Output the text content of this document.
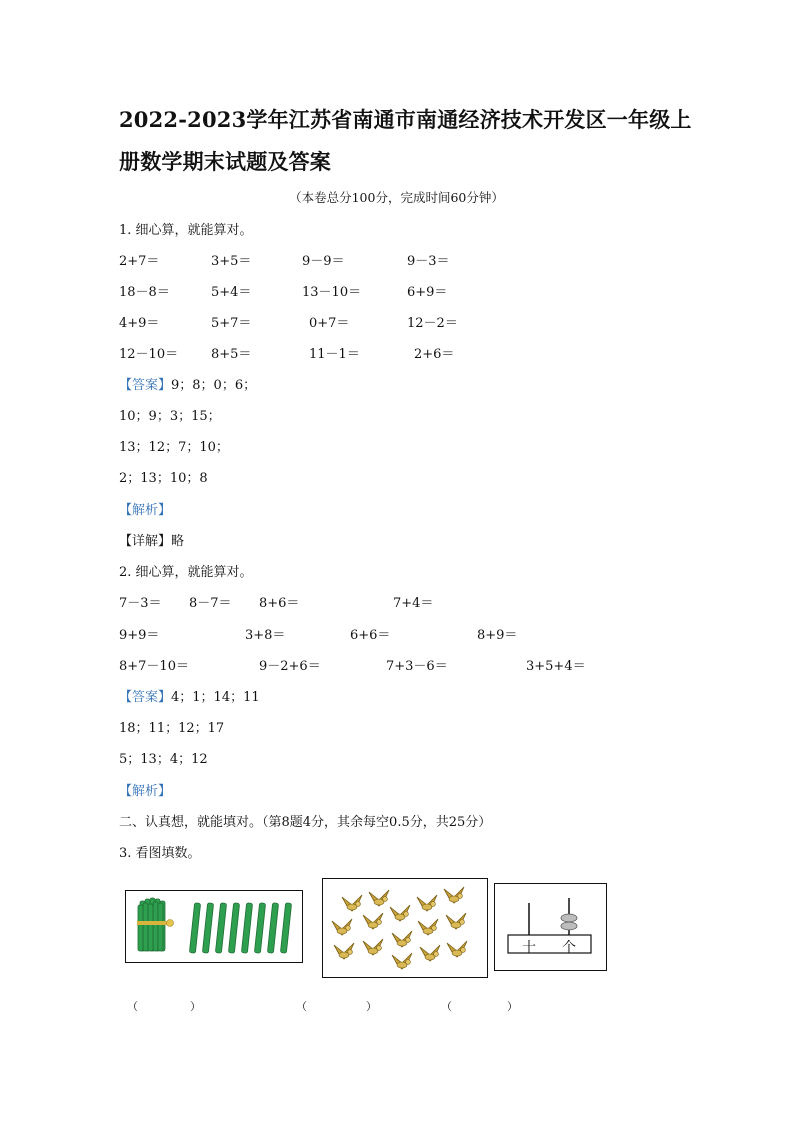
2022-2023学年江苏省南通市南通经济技术开发区一年级上
册数学期末试题及答案
（本卷总分100分，完成时间60分钟）
1. 细心算，就能算对。
2+7＝	3+5＝	9－9＝	9－3＝
18－8＝	5+4＝	13－10＝	6+9＝
4+9＝	5+7＝	0+7＝	12－2＝
12－10＝	8+5＝	11－1＝	2+6＝
【答案】9；8；0；6；
10；9；3；15；
13；12；7；10；
2；13；10；8
【解析】
【详解】略
2. 细心算，就能算对。
7－3＝ 8－7＝ 8+6＝	7+4＝
9+9＝	3+8＝	6+6＝	8+9＝
8+7－10＝	9－2+6＝	7+3－6＝	3+5+4＝
【答案】4；1；14；11
18；11；12；17
5；13；4；12
【解析】
二、认真想，就能填对。（第8题4分，其余每空0.5分，共25分）
3. 看图填数。
十 个
（	）	（	）	（	）
